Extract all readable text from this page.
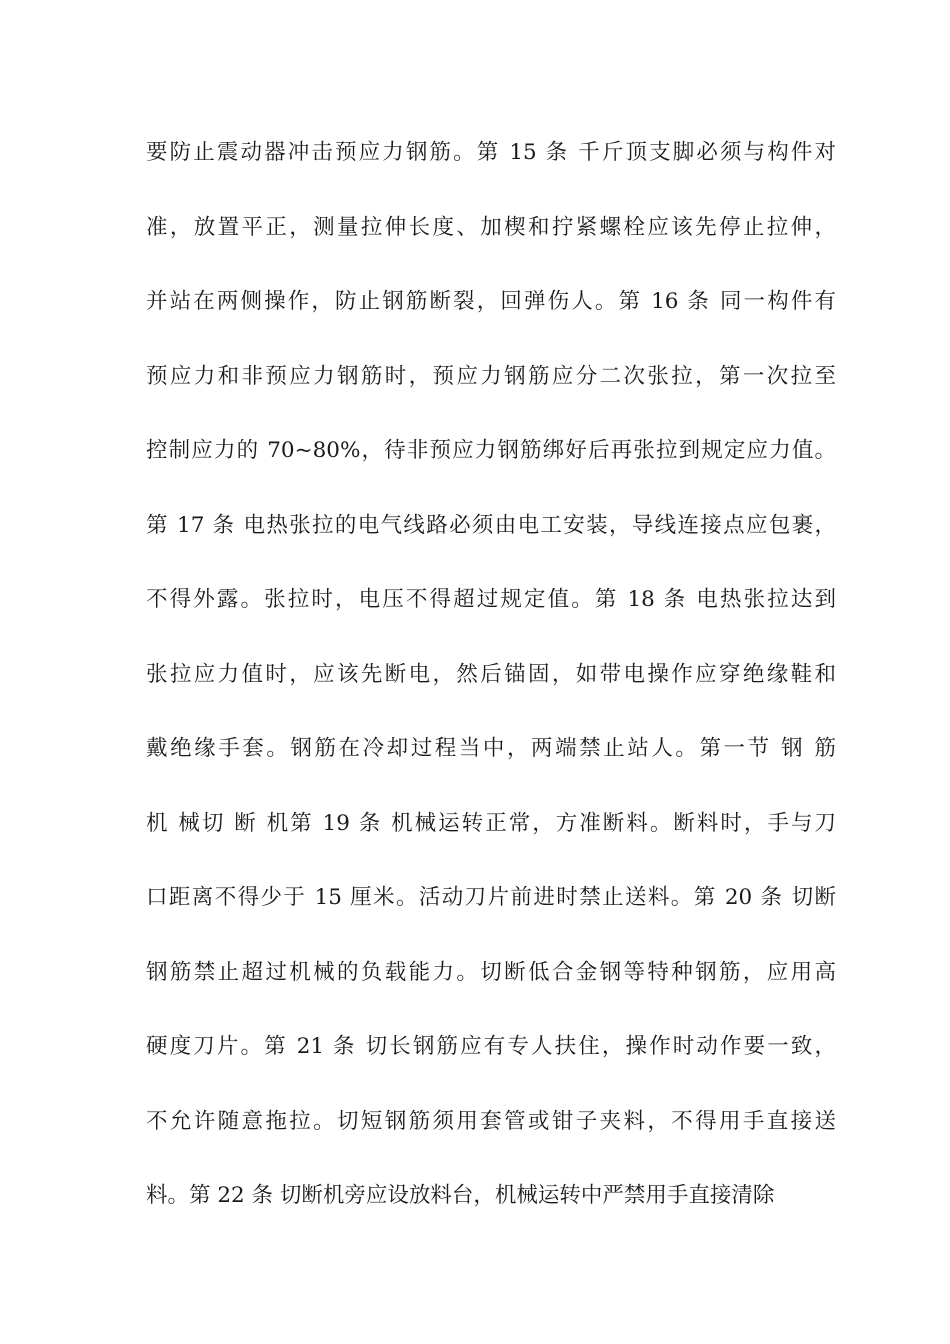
要防止震动器冲击预应力钢筋。第 15 条 千斤顶支脚必须与构件对
准，放置平正，测量拉伸长度、加楔和拧紧螺栓应该先停止拉伸，
并站在两侧操作，防止钢筋断裂，回弹伤人。第 16 条 同一构件有
预应力和非预应力钢筋时，预应力钢筋应分二次张拉，第一次拉至
控制应力的 70~80%，待非预应力钢筋绑好后再张拉到规定应力值。
第 17 条 电热张拉的电气线路必须由电工安装，导线连接点应包裹，
不得外露。张拉时，电压不得超过规定值。第 18 条 电热张拉达到
张拉应力值时，应该先断电，然后锚固，如带电操作应穿绝缘鞋和
戴绝缘手套。钢筋在冷却过程当中，两端禁止站人。第一节 钢 筋
机 械切 断 机第 19 条 机械运转正常，方准断料。断料时，手与刀
口距离不得少于 15 厘米。活动刀片前进时禁止送料。第 20 条 切断
钢筋禁止超过机械的负载能力。切断低合金钢等特种钢筋，应用高
硬度刀片。第 21 条 切长钢筋应有专人扶住，操作时动作要一致，
不允许随意拖拉。切短钢筋须用套管或钳子夹料，不得用手直接送
料。第 22 条 切断机旁应设放料台，机械运转中严禁用手直接清除
